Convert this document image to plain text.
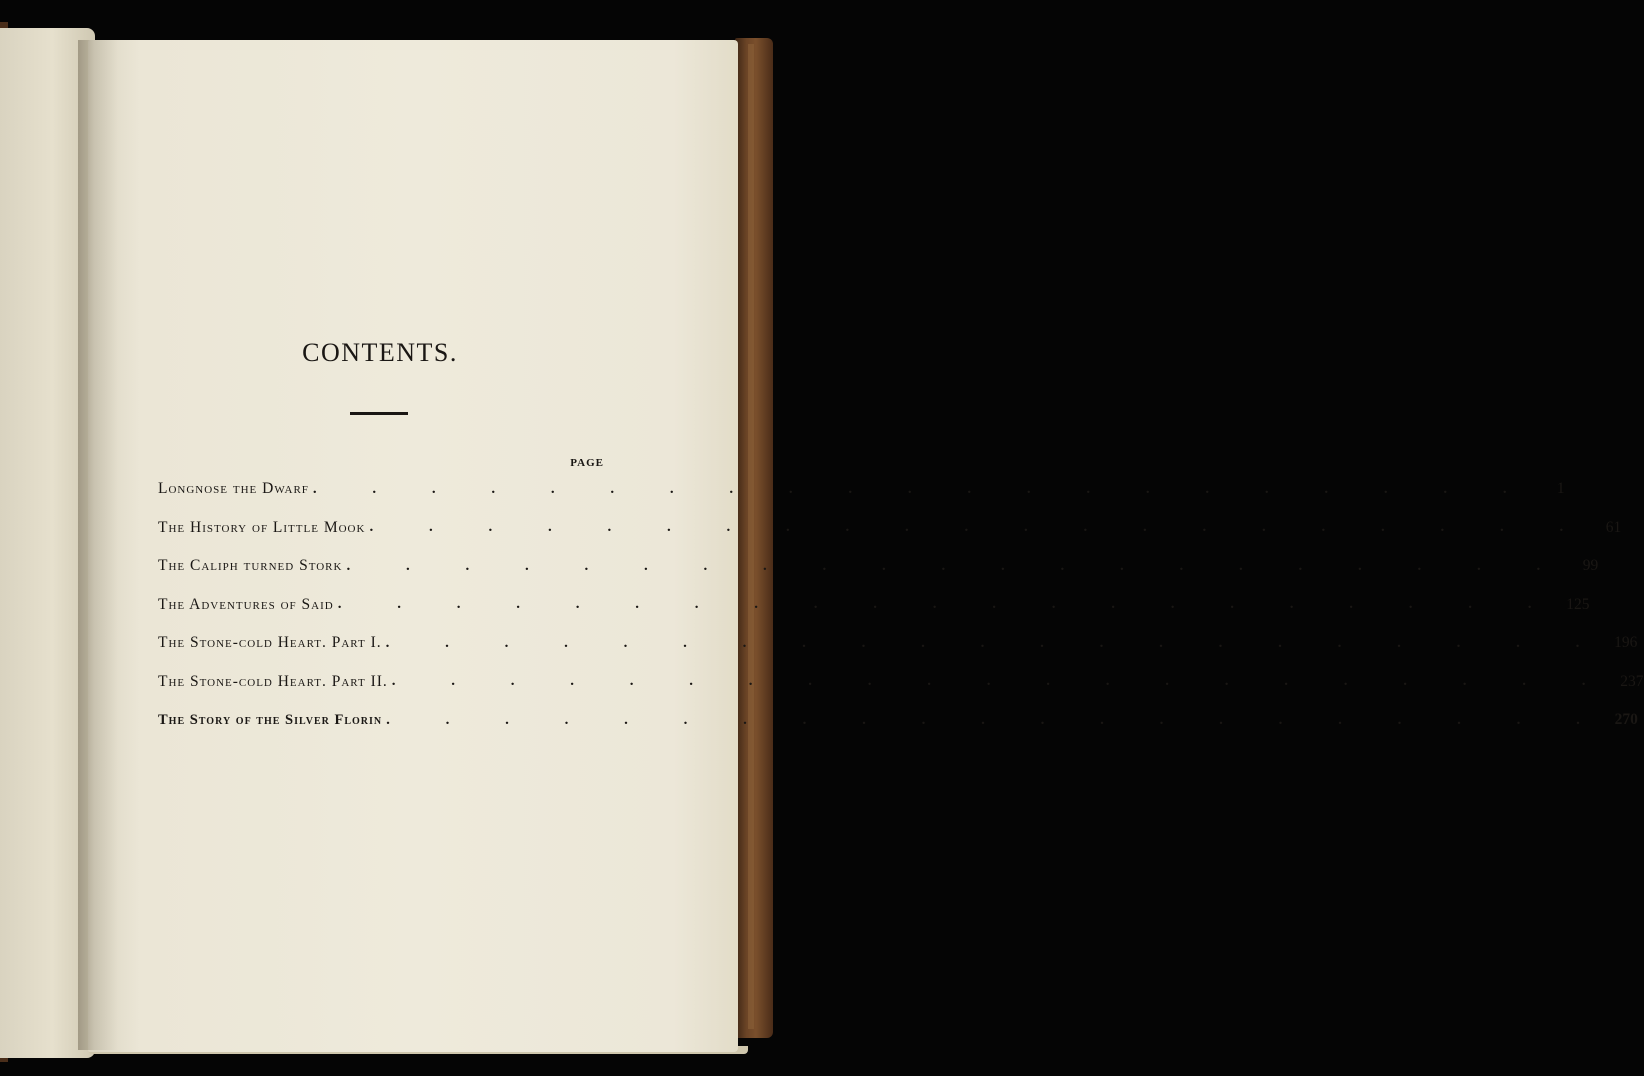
CONTENTS.
PAGE
Longnose the Dwarf . . . . . . . . . . . . . . . . . . . . .	1
The History of Little Mook . . . . . . . . . . . . . . . . . . . . .	61
The Caliph turned Stork . . . . . . . . . . . . . . . . . . . . .	99
The Adventures of Said . . . . . . . . . . . . . . . . . . . . . 125
The Stone-cold Heart. Part I. . . . . . . . . . . . . . . . . . . . . . 196
The Stone-cold Heart. Part II. . . . . . . . . . . . . . . . . . . . . . 237
The Story of the Silver Florin . . . . . . . . . . . . . . . . . . . . . 270
